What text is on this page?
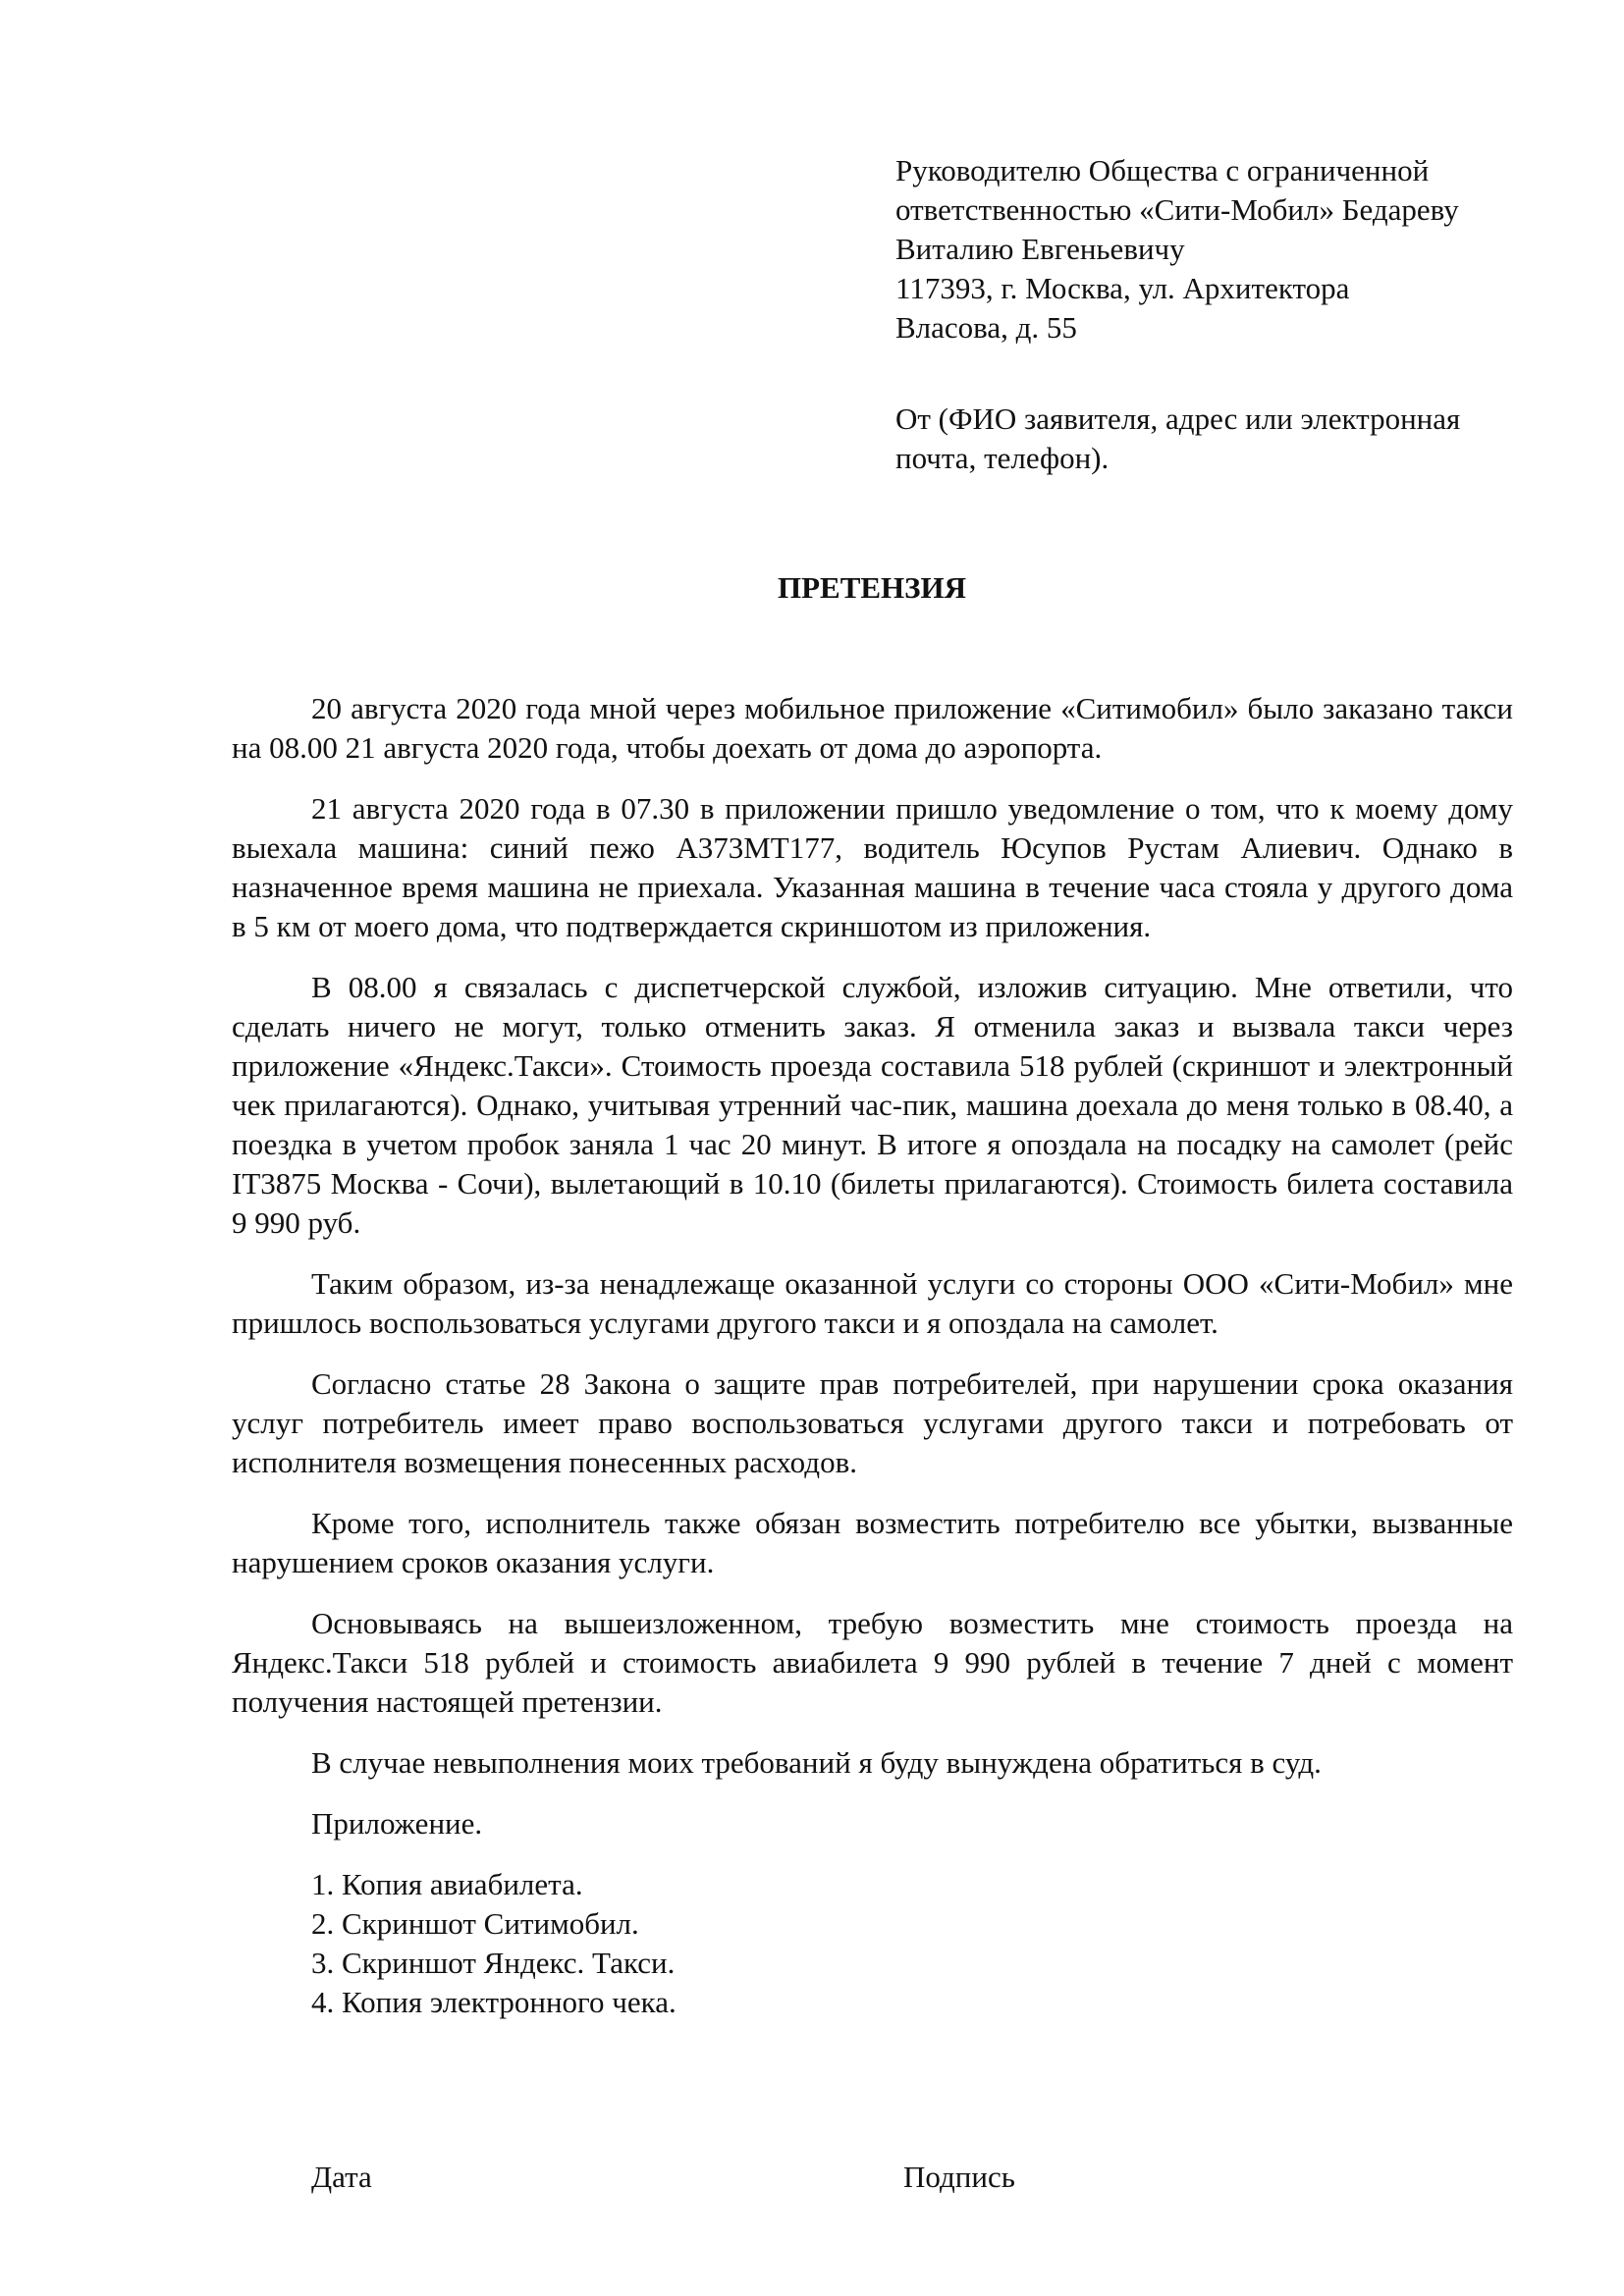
Руководителю Общества с ограниченной
ответственностью «Сити-Мобил» Бедареву
Виталию Евгеньевичу
117393, г. Москва, ул. Архитектора
Власова, д. 55
От (ФИО заявителя, адрес или электронная
почта, телефон).
ПРЕТЕНЗИЯ

20 августа 2020 года мной через мобильное приложение «Ситимобил» было заказано такси на 08.00 21 августа 2020 года, чтобы доехать от дома до аэропорта.

21 августа 2020 года в 07.30 в приложении пришло уведомление о том, что к моему дому выехала машина: синий пежо А373МТ177, водитель Юсупов Рустам Алиевич. Однако в назначенное время машина не приехала. Указанная машина в течение часа стояла у другого дома в 5 км от моего дома, что подтверждается скриншотом из приложения.

В 08.00 я связалась с диспетчерской службой, изложив ситуацию. Мне ответили, что сделать ничего не могут, только отменить заказ. Я отменила заказ и вызвала такси через приложение «Яндекс.Такси». Стоимость проезда составила 518 рублей (скриншот и электронный чек прилагаются). Однако, учитывая утренний час-пик, машина доехала до меня только в 08.40, а поездка в учетом пробок заняла 1 час 20 минут. В итоге я опоздала на посадку на самолет (рейс IT3875 Москва - Сочи), вылетающий в 10.10 (билеты прилагаются). Стоимость билета составила 9 990 руб.

Таким образом, из-за ненадлежаще оказанной услуги со стороны ООО «Сити-Мобил» мне пришлось воспользоваться услугами другого такси и я опоздала на самолет.

Согласно статье 28 Закона о защите прав потребителей, при нарушении срока оказания услуг потребитель имеет право воспользоваться услугами другого такси и потребовать от исполнителя возмещения понесенных расходов.

Кроме того, исполнитель также обязан возместить потребителю все убытки, вызванные нарушением сроков оказания услуги.

Основываясь на вышеизложенном, требую возместить мне стоимость проезда на Яндекс.Такси 518 рублей и стоимость авиабилета 9 990 рублей в течение 7 дней с момент получения настоящей претензии.

В случае невыполнения моих требований я буду вынуждена обратиться в суд.

Приложение.
1. Копия авиабилета.
2. Скриншот Ситимобил.
3. Скриншот Яндекс. Такси.
4. Копия электронного чека.
Дата	Подпись
